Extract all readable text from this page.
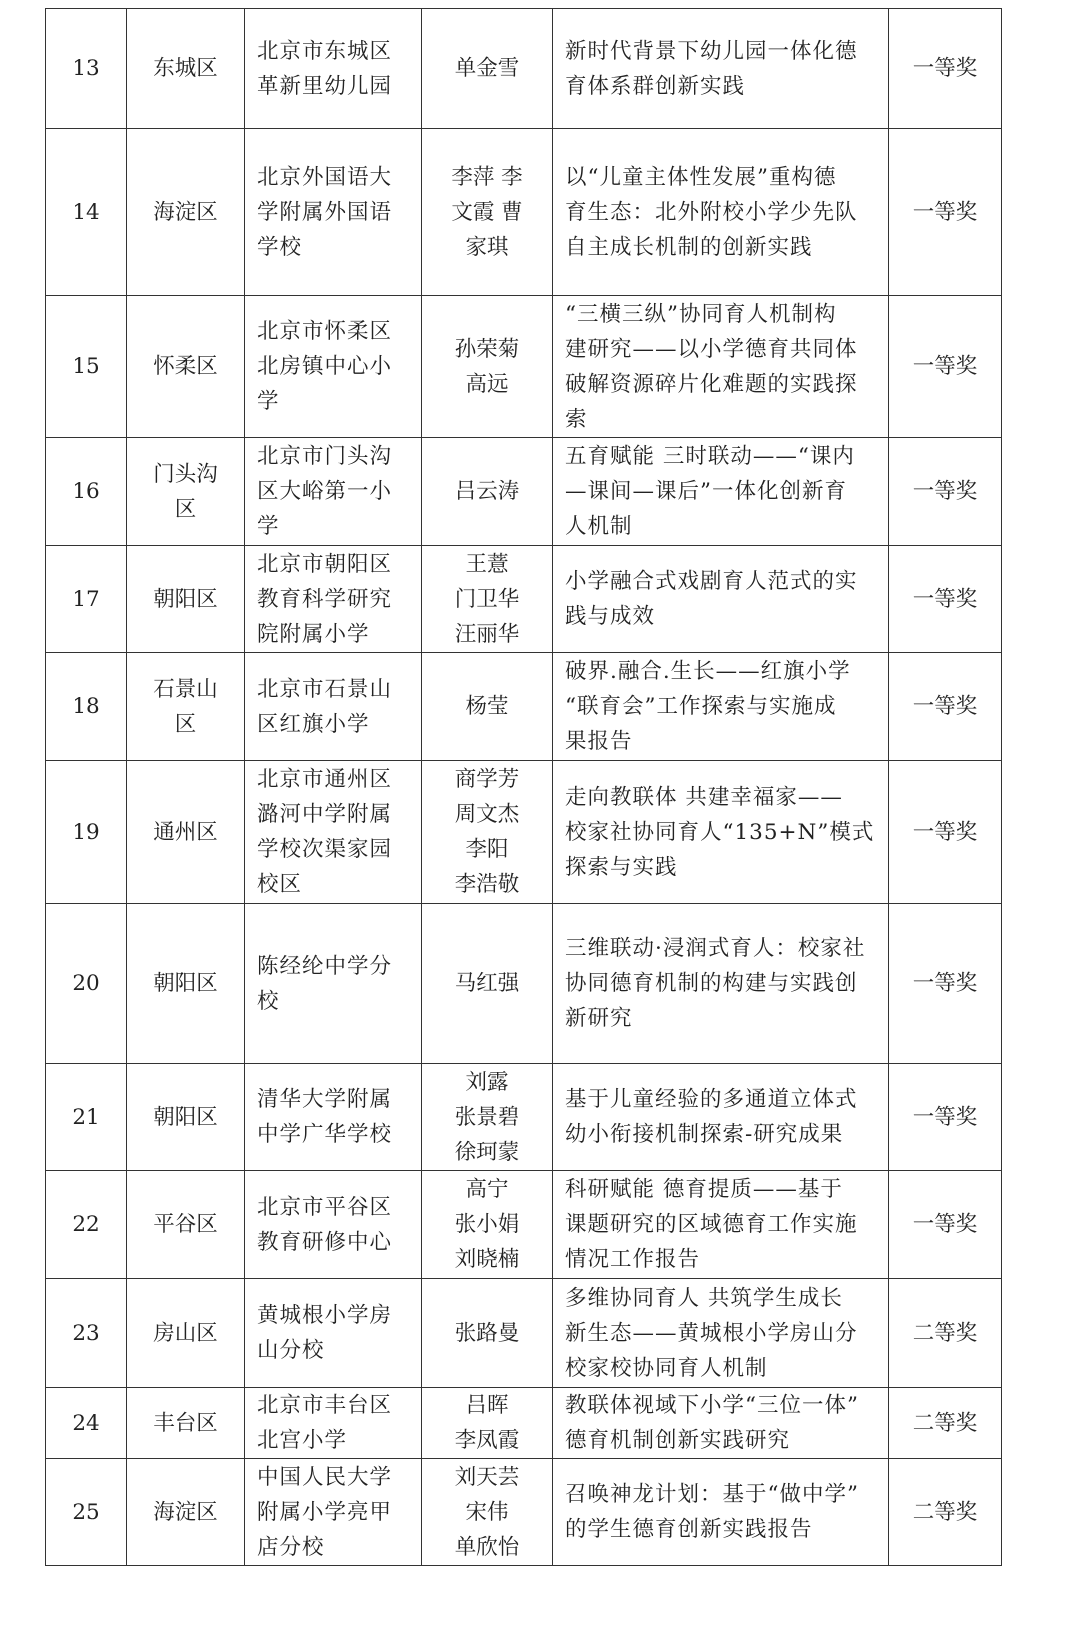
13	东城区	北京市东城区
革新里幼儿园	单金雪	新时代背景下幼儿园一体化德
育体系群创新实践	一等奖
14	海淀区	北京外国语大
学附属外国语
学校	李萍 李
文霞 曹
家琪	以“儿童主体性发展”重构德
育生态：北外附校小学少先队
自主成长机制的创新实践	一等奖
15	怀柔区	北京市怀柔区
北房镇中心小
学	孙荣菊
高远	“三横三纵”协同育人机制构
建研究——以小学德育共同体
破解资源碎片化难题的实践探
索	一等奖
16	门头沟
区	北京市门头沟
区大峪第一小
学	吕云涛	五育赋能 三时联动——“课内
—课间—课后”一体化创新育
人机制	一等奖
17	朝阳区	北京市朝阳区
教育科学研究
院附属小学	王薏
门卫华
汪丽华	小学融合式戏剧育人范式的实
践与成效	一等奖
18	石景山
区	北京市石景山
区红旗小学	杨莹	破界.融合.生长——红旗小学
“联育会”工作探索与实施成
果报告	一等奖
19	通州区	北京市通州区
潞河中学附属
学校次渠家园
校区	商学芳
周文杰
李阳
李浩敬	走向教联体 共建幸福家——
校家社协同育人“135+N”模式
探索与实践	一等奖
20	朝阳区	陈经纶中学分
校	马红强	三维联动·浸润式育人：校家社
协同德育机制的构建与实践创
新研究	一等奖
21	朝阳区	清华大学附属
中学广华学校	刘露
张景碧
徐珂蒙	基于儿童经验的多通道立体式
幼小衔接机制探索-研究成果	一等奖
22	平谷区	北京市平谷区
教育研修中心	高宁
张小娟
刘晓楠	科研赋能 德育提质——基于
课题研究的区域德育工作实施
情况工作报告	一等奖
23	房山区	黄城根小学房
山分校	张路曼	多维协同育人 共筑学生成长
新生态——黄城根小学房山分
校家校协同育人机制	二等奖
24	丰台区	北京市丰台区
北宫小学	吕晖
李凤霞	教联体视域下小学“三位一体”
德育机制创新实践研究	二等奖
25	海淀区	中国人民大学
附属小学亮甲
店分校	刘天芸
宋伟
单欣怡	召唤神龙计划：基于“做中学”
的学生德育创新实践报告	二等奖
